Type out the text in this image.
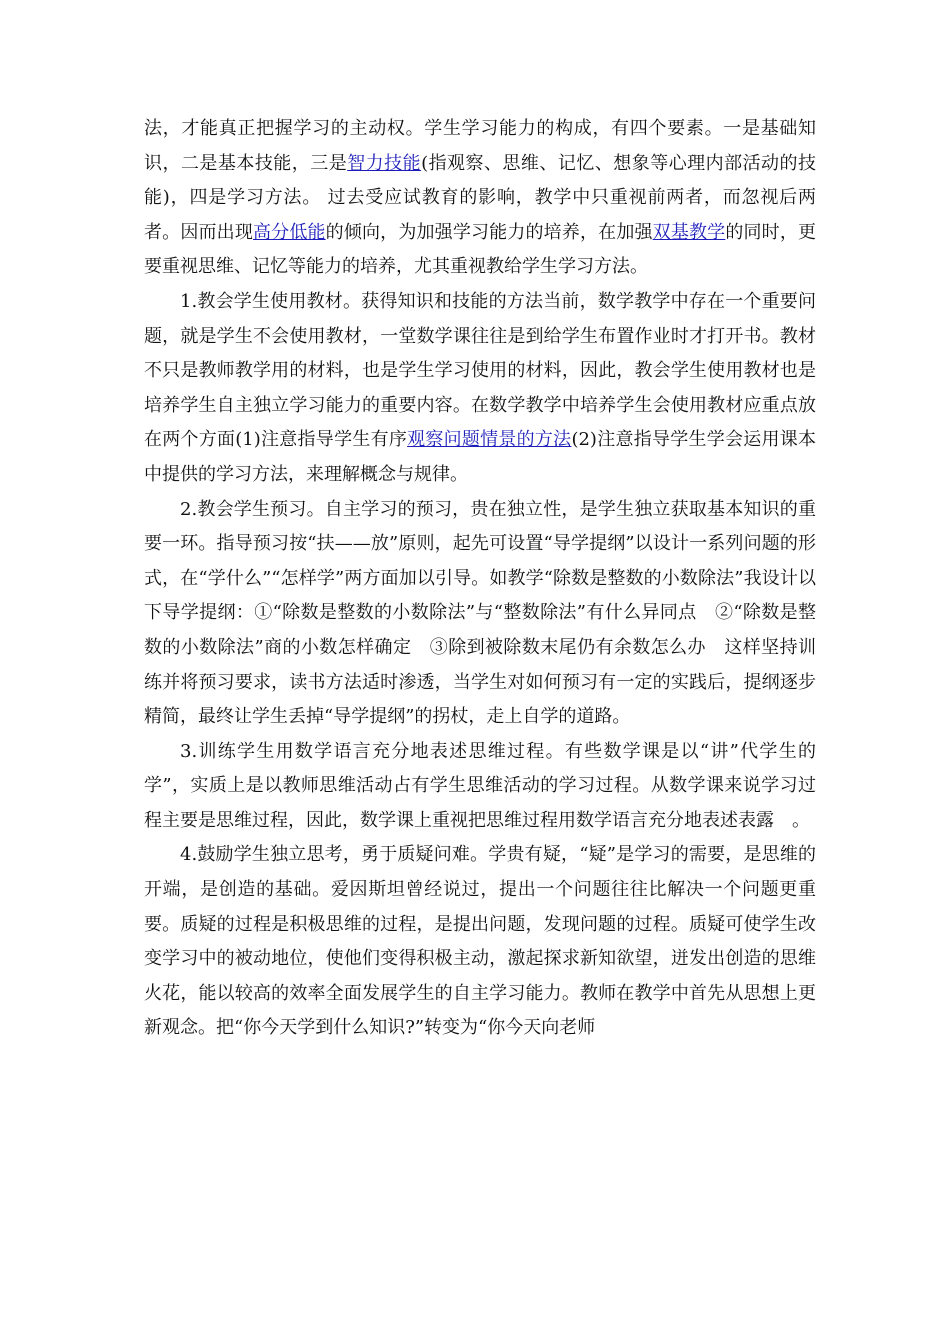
法，才能真正把握学习的主动权。学生学习能力的构成，有四个要素。一是基础知识，二是基本技能，三是智力技能(指观察、思维、记忆、想象等心理内部活动的技能)，四是学习方法。 过去受应试教育的影响，教学中只重视前两者，而忽视后两者。因而出现高分低能的倾向，为加强学习能力的培养，在加强双基教学的同时，更要重视思维、记忆等能力的培养，尤其重视教给学生学习方法。

1.教会学生使用教材。获得知识和技能的方法当前，数学教学中存在一个重要问题，就是学生不会使用教材，一堂数学课往往是到给学生布置作业时才打开书。教材不只是教师教学用的材料，也是学生学习使用的材料，因此，教会学生使用教材也是培养学生自主独立学习能力的重要内容。在数学教学中培养学生会使用教材应重点放在两个方面(1)注意指导学生有序观察问题情景的方法(2)注意指导学生学会运用课本中提供的学习方法，来理解概念与规律。

2.教会学生预习。自主学习的预习，贵在独立性，是学生独立获取基本知识的重要一环。指导预习按“扶——放”原则，起先可设置“导学提纲”以设计一系列问题的形式，在“学什么”“怎样学”两方面加以引导。如教学“除数是整数的小数除法”我设计以下导学提纲：①“除数是整数的小数除法”与“整数除法”有什么异同点　②“除数是整数的小数除法”商的小数怎样确定　③除到被除数末尾仍有余数怎么办　这样坚持训练并将预习要求，读书方法适时渗透，当学生对如何预习有一定的实践后，提纲逐步精简，最终让学生丢掉“导学提纲”的拐杖，走上自学的道路。

3.训练学生用数学语言充分地表述思维过程。有些数学课是以“讲”代学生的学”，实质上是以教师思维活动占有学生思维活动的学习过程。从数学课来说学习过程主要是思维过程，因此，数学课上重视把思维过程用数学语言充分地表述表露　。

4.鼓励学生独立思考，勇于质疑问难。学贵有疑，“疑”是学习的需要，是思维的开端，是创造的基础。爱因斯坦曾经说过，提出一个问题往往比解决一个问题更重要。质疑的过程是积极思维的过程，是提出问题，发现问题的过程。质疑可使学生改变学习中的被动地位，使他们变得积极主动，激起探求新知欲望，迸发出创造的思维火花，能以较高的效率全面发展学生的自主学习能力。教师在教学中首先从思想上更新观念。把“你今天学到什么知识?”转变为“你今天向老师
